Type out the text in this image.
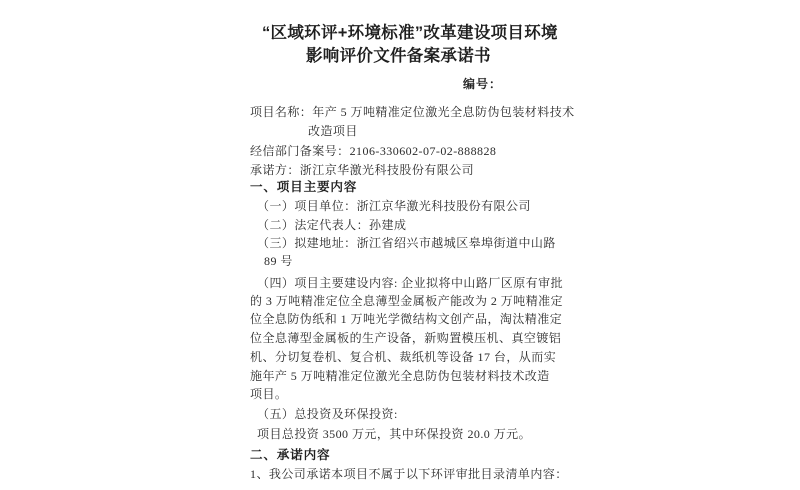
“区域环评+环境标准”改革建设项目环境
影响评价文件备案承诺书
编号：
项目名称：年产 5 万吨精准定位激光全息防伪包装材料技术
改造项目
经信部门备案号：2106-330602-07-02-888828
承诺方：浙江京华激光科技股份有限公司
一、项目主要内容
（一）项目单位：浙江京华激光科技股份有限公司
（二）法定代表人：孙建成
（三）拟建地址：浙江省绍兴市越城区皋埠街道中山路
89 号
（四）项目主要建设内容: 企业拟将中山路厂区原有审批
的 3 万吨精准定位全息薄型金属板产能改为 2 万吨精准定
位全息防伪纸和 1 万吨光学微结构文创产品，淘汰精准定
位全息薄型金属板的生产设备，新购置模压机、真空镀铝
机、分切复卷机、复合机、裁纸机等设备 17 台，从而实
施年产 5 万吨精准定位激光全息防伪包装材料技术改造
项目。
（五）总投资及环保投资:
项目总投资 3500 万元，其中环保投资 20.0 万元。
二、承诺内容
1、我公司承诺本项目不属于以下环评审批目录清单内容：
